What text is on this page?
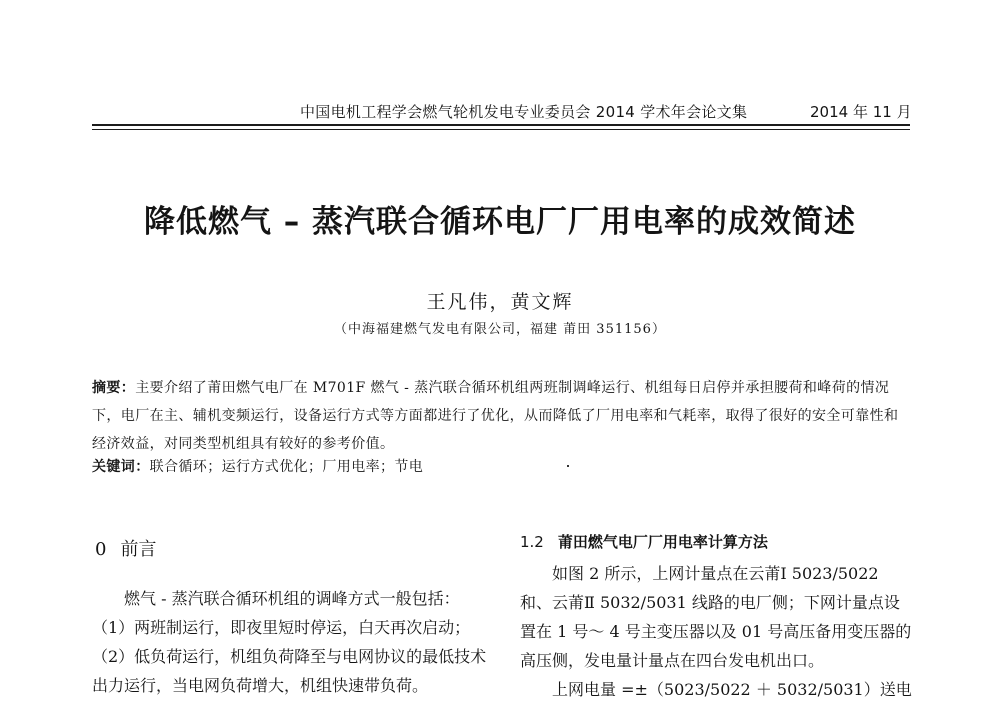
中国电机工程学会燃气轮机发电专业委员会 2014 学术年会论文集	2014 年 11 月
降低燃气 – 蒸汽联合循环电厂厂用电率的成效简述
王凡伟，黄文辉
（中海福建燃气发电有限公司，福建 莆田 351156）
摘要：主要介绍了莆田燃气电厂在 M701F 燃气 - 蒸汽联合循环机组两班制调峰运行、机组每日启停并承担腰荷和峰荷的情况下，电厂在主、辅机变频运行，设备运行方式等方面都进行了优化，从而降低了厂用电率和气耗率，取得了很好的安全可靠性和经济效益，对同类型机组具有较好的参考价值。
关键词：联合循环；运行方式优化；厂用电率；节电
0 前言

燃气 - 蒸汽联合循环机组的调峰方式一般包括：

（1）两班制运行，即夜里短时停运，白天再次启动；

（2）低负荷运行，机组负荷降至与电网协议的最低技术出力运行，当电网负荷增大，机组快速带负荷。

1.2 莆田燃气电厂厂用电率计算方法

如图 2 所示，上网计量点在云莆Ⅰ 5023/5022 和、云莆Ⅱ 5032/5031 线路的电厂侧；下网计量点设置在 1 号～ 4 号主变压器以及 01 号高压备用变压器的高压侧，发电量计量点在四台发电机出口。

上网电量 =±（5023/5022 ＋ 5032/5031）送电
